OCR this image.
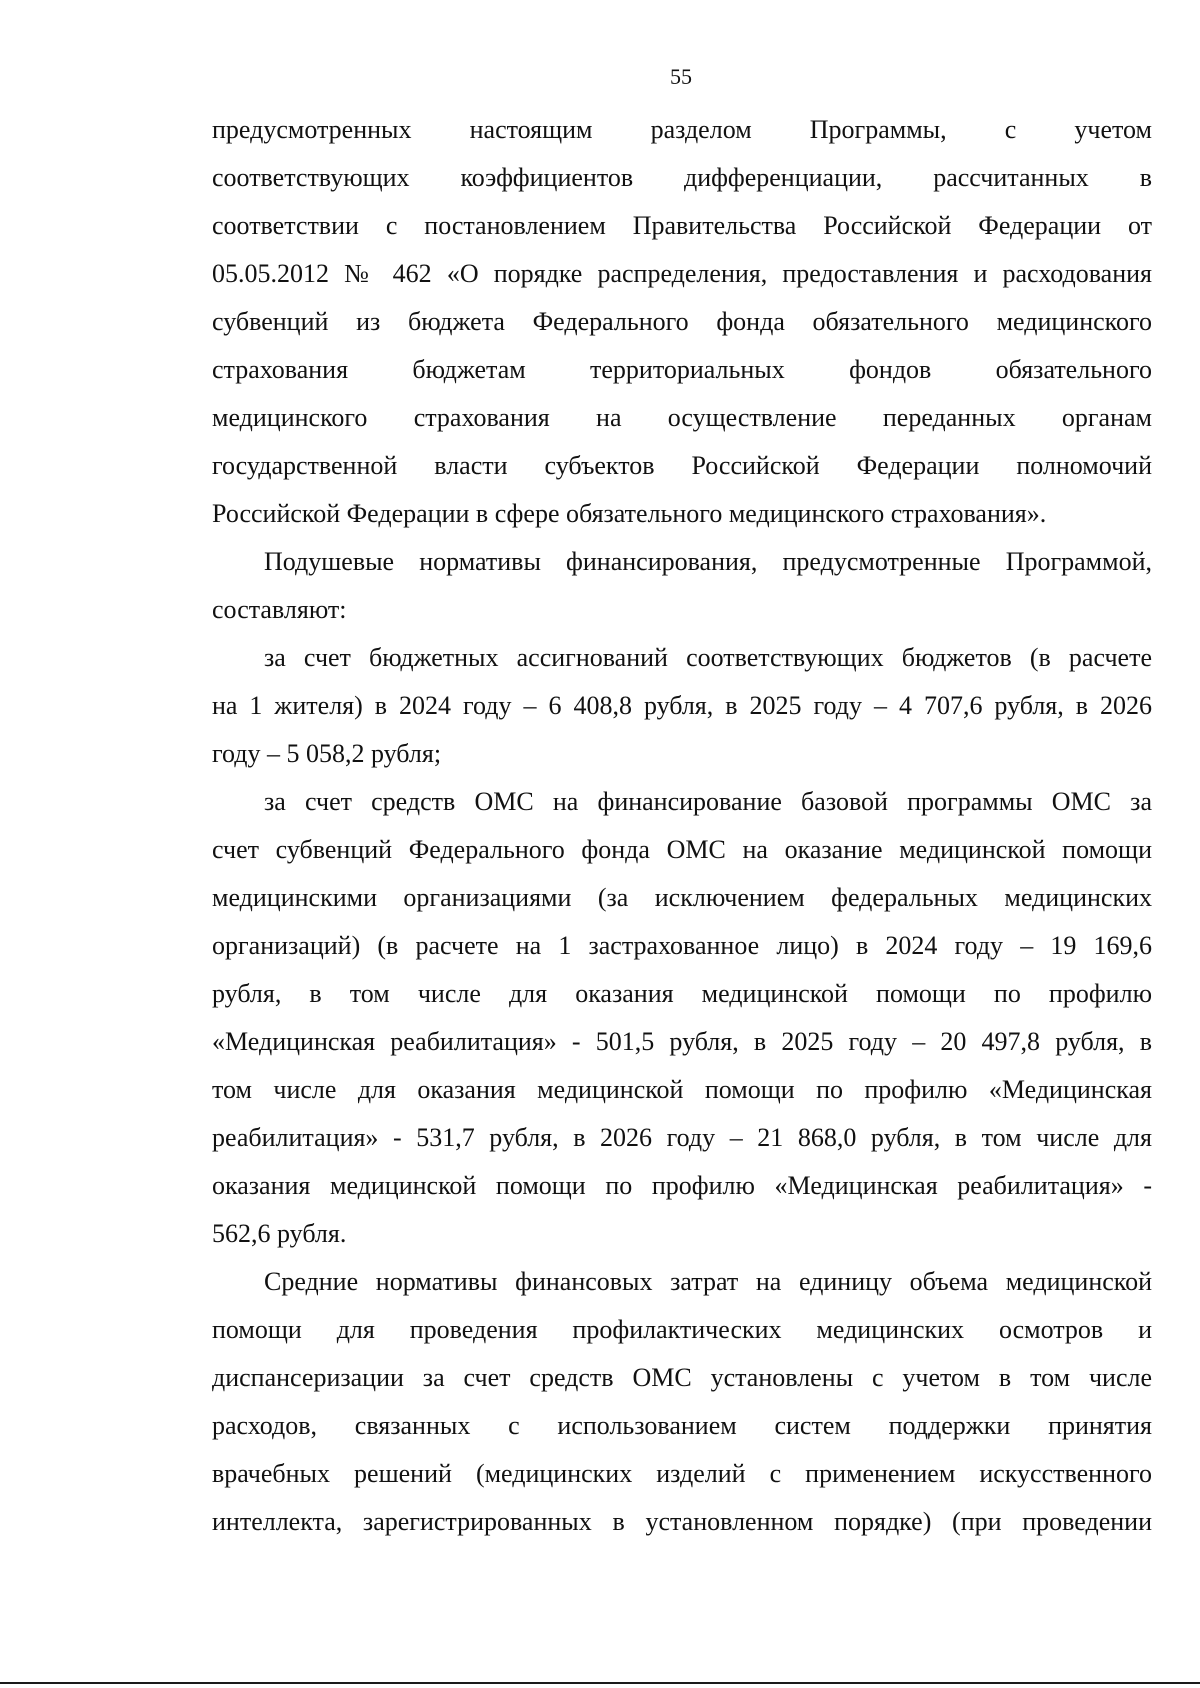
55
предусмотренных настоящим разделом Программы, с учетом
соответствующих коэффициентов дифференциации, рассчитанных в
соответствии с постановлением Правительства Российской Федерации от
05.05.2012 № 462 «О порядке распределения, предоставления и расходования
субвенций из бюджета Федерального фонда обязательного медицинского
страхования бюджетам территориальных фондов обязательного
медицинского страхования на осуществление переданных органам
государственной власти субъектов Российской Федерации полномочий
Российской Федерации в сфере обязательного медицинского страхования».
Подушевые нормативы финансирования, предусмотренные Программой,
составляют:
за счет бюджетных ассигнований соответствующих бюджетов (в расчете
на 1 жителя) в 2024 году – 6 408,8 рубля, в 2025 году – 4 707,6 рубля, в 2026
году – 5 058,2 рубля;
за счет средств ОМС на финансирование базовой программы ОМС за
счет субвенций Федерального фонда ОМС на оказание медицинской помощи
медицинскими организациями (за исключением федеральных медицинских
организаций) (в расчете на 1 застрахованное лицо) в 2024 году – 19 169,6
рубля, в том числе для оказания медицинской помощи по профилю
«Медицинская реабилитация» - 501,5 рубля, в 2025 году – 20 497,8 рубля, в
том числе для оказания медицинской помощи по профилю «Медицинская
реабилитация» - 531,7 рубля, в 2026 году – 21 868,0 рубля, в том числе для
оказания медицинской помощи по профилю «Медицинская реабилитация» -
562,6 рубля.
Средние нормативы финансовых затрат на единицу объема медицинской
помощи для проведения профилактических медицинских осмотров и
диспансеризации за счет средств ОМС установлены с учетом в том числе
расходов, связанных с использованием систем поддержки принятия
врачебных решений (медицинских изделий с применением искусственного
интеллекта, зарегистрированных в установленном порядке) (при проведении
